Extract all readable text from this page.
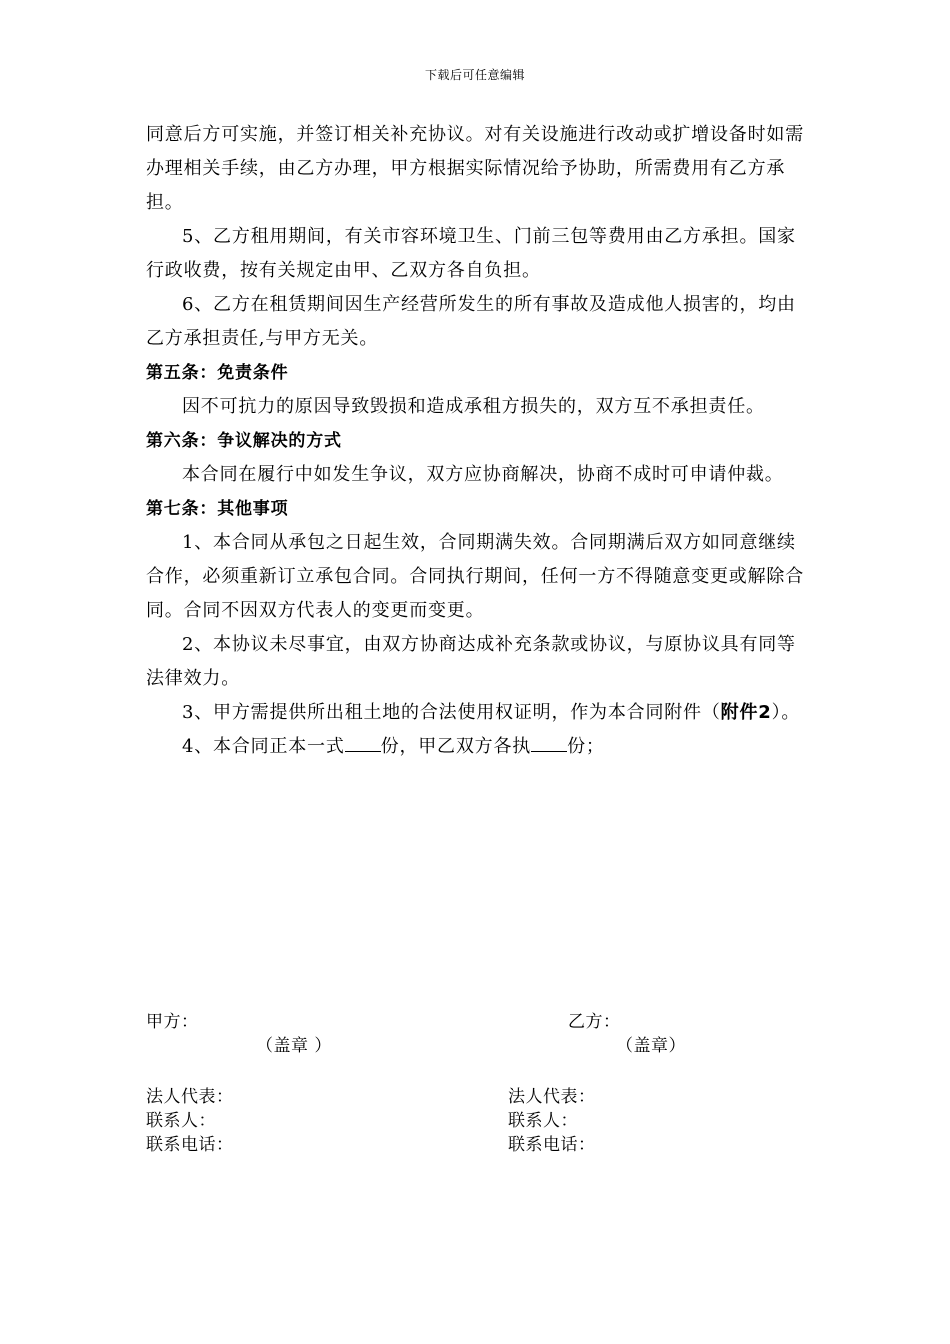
下载后可任意编辑

同意后方可实施，并签订相关补充协议。对有关设施进行改动或扩增设备时如需办理相关手续，由乙方办理，甲方根据实际情况给予协助，所需费用有乙方承担。

5、乙方租用期间，有关市容环境卫生、门前三包等费用由乙方承担。国家行政收费，按有关规定由甲、乙双方各自负担。

6、乙方在租赁期间因生产经营所发生的所有事故及造成他人损害的，均由乙方承担责任,与甲方无关。

第五条：免责条件

因不可抗力的原因导致毁损和造成承租方损失的，双方互不承担责任。

第六条：争议解决的方式

本合同在履行中如发生争议，双方应协商解决，协商不成时可申请仲裁。

第七条：其他事项

1、本合同从承包之日起生效，合同期满失效。合同期满后双方如同意继续合作，必须重新订立承包合同。合同执行期间，任何一方不得随意变更或解除合同。合同不因双方代表人的变更而变更。

2、本协议未尽事宜，由双方协商达成补充条款或协议，与原协议具有同等法律效力。

3、甲方需提供所出租土地的合法使用权证明，作为本合同附件（附件2）。

4、本合同正本一式 份，甲乙双方各执 份；

甲方：	乙方：
（盖章 ）	（盖章）
法人代表：
联系人：
联系电话：
法人代表：
联系人：
联系电话：
